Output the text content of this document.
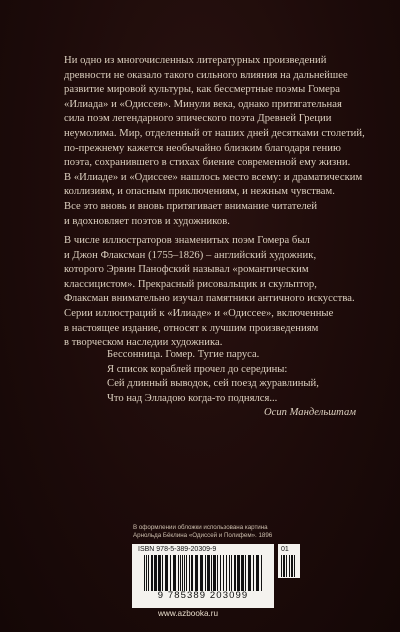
Ни одно из многочисленных литературных произведений
древности не оказало такого сильного влияния на дальнейшее
развитие мировой культуры, как бессмертные поэмы Гомера
«Илиада» и «Одиссея». Минули века, однако притягательная
сила поэм легендарного эпического поэта Древней Греции
неумолима. Мир, отделенный от наших дней десятками столетий,
по-прежнему кажется необычайно близким благодаря гению
поэта, сохранившего в стихах биение современной ему жизни.
В «Илиаде» и «Одиссее» нашлось место всему: и драматическим
коллизиям, и опасным приключениям, и нежным чувствам.
Все это вновь и вновь притягивает внимание читателей
и вдохновляет поэтов и художников.
В числе иллюстраторов знаменитых поэм Гомера был
и Джон Флаксман (1755–1826) – английский художник,
которого Эрвин Панофский называл «романтическим
классицистом». Прекрасный рисовальщик и скульптор,
Флаксман внимательно изучал памятники античного искусства.
Серии иллюстраций к «Илиаде» и «Одиссее», включенные
в настоящее издание, относят к лучшим произведениям
в творческом наследии художника.
Бессонница. Гомер. Тугие паруса.
Я список кораблей прочел до середины:
Сей длинный выводок, сей поезд журавлиный,
Что над Элладою когда-то поднялся...
Осип Мандельштам
В оформлении обложки использована картина
Арнольда Бёклина «Одиссей и Полифем». 1896
ISBN 978-5-389-20309-9
9 785389 203099
01
www.azbooka.ru
